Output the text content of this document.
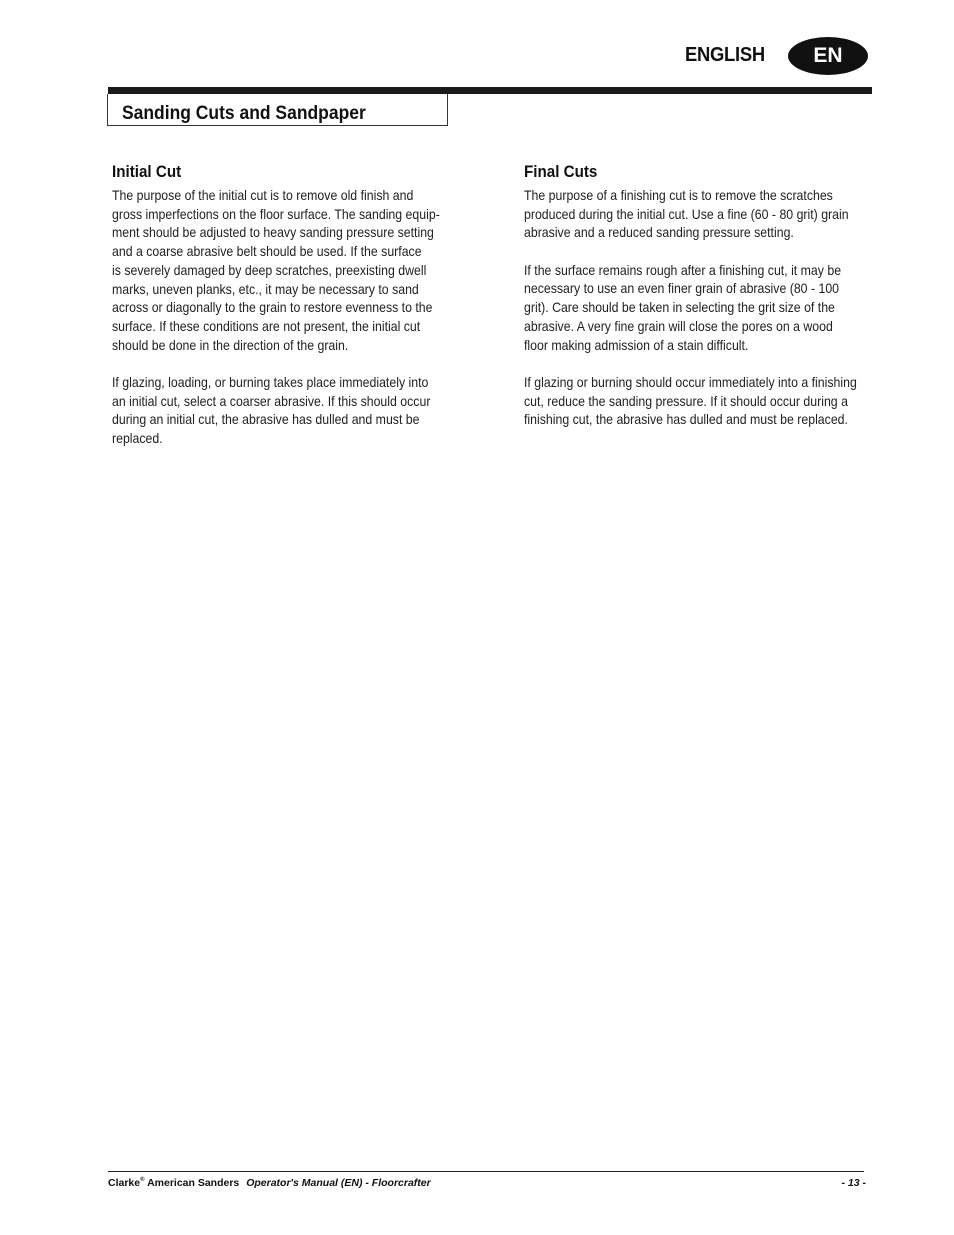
ENGLISH	EN
Sanding Cuts and Sandpaper
Initial Cut
The purpose of the initial cut is to remove old finish and
gross imperfections on the floor surface. The sanding equip-
ment should be adjusted to heavy sanding pressure setting
and a coarse abrasive belt should be used. If the surface
is severely damaged by deep scratches, preexisting dwell
marks, uneven planks, etc., it may be necessary to sand
across or diagonally to the grain to restore evenness to the
surface. If these conditions are not present, the initial cut
should be done in the direction of the grain.
If glazing, loading, or burning takes place immediately into
an initial cut, select a coarser abrasive. If this should occur
during an initial cut, the abrasive has dulled and must be
replaced.
Final Cuts
The purpose of a finishing cut is to remove the scratches
produced during the initial cut. Use a fine (60 - 80 grit) grain
abrasive and a reduced sanding pressure setting.
If the surface remains rough after a finishing cut, it may be
necessary to use an even finer grain of abrasive (80 - 100
grit). Care should be taken in selecting the grit size of the
abrasive. A very fine grain will close the pores on a wood
floor making admission of a stain difficult.
If glazing or burning should occur immediately into a finishing
cut, reduce the sanding pressure. If it should occur during a
finishing cut, the abrasive has dulled and must be replaced.
Clarke® American Sanders Operator's Manual (EN) - Floorcrafter	- 13 -
